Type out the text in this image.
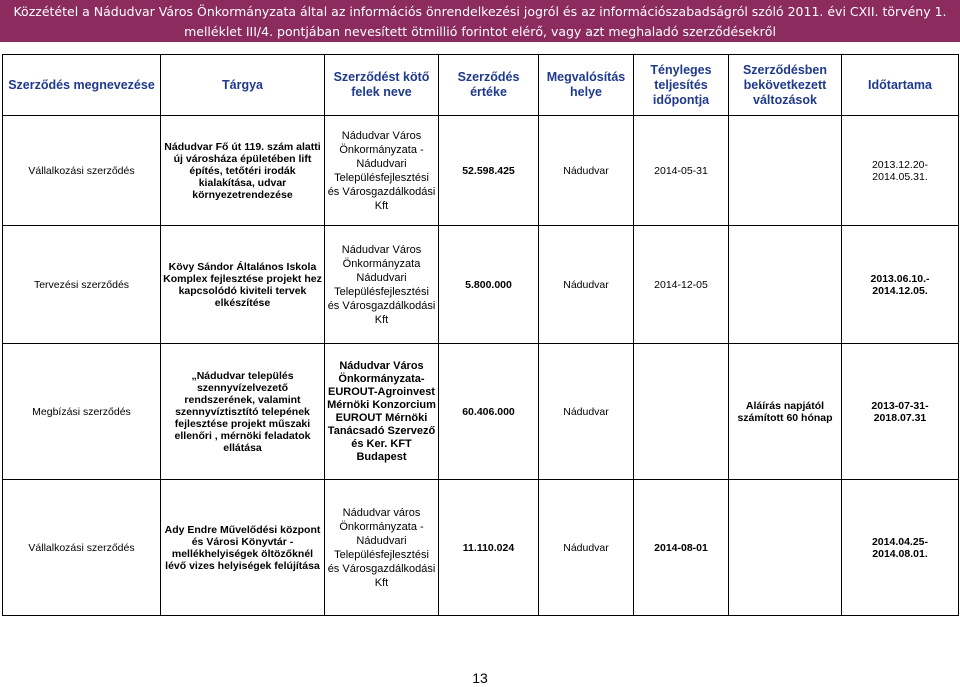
Közzététel a Nádudvar Város Önkormányzata által az információs önrendelkezési jogról és az információszabadságról szóló 2011. évi CXII. törvény 1.
melléklet III/4. pontjában nevesített ötmillió forintot elérő, vagy azt meghaladó szerződésekről
Szerződés megnevezése	Tárgya	Szerződést kötő felek neve	Szerződés értéke	Megvalósítás helye	Tényleges teljesítés időpontja	Szerződésben bekövetkezett változások	Időtartama
Vállalkozási szerződés	Nádudvar Fő út 119. szám alatti új városháza épületében lift építés, tetőtéri irodák kialakítása, udvar környezetrendezése	Nádudvar Város Önkormányzata - Nádudvari Településfejlesztési és Városgazdálkodási Kft	52.598.425	Nádudvar	2014-05-31		2013.12.20- 2014.05.31.
Tervezési szerződés	Kövy Sándor Általános Iskola Komplex fejlesztése projekt hez kapcsolódó kiviteli tervek elkészítése	Nádudvar Város Önkormányzata Nádudvari Településfejlesztési és Városgazdálkodási Kft	5.800.000	Nádudvar	2014-12-05		2013.06.10.- 2014.12.05.
Megbízási szerződés	„Nádudvar település szennyvízelvezető rendszerének, valamint szennyvíztisztító telepének fejlesztése projekt műszaki ellenőri , mérnöki feladatok ellátása	Nádudvar Város Önkormányzata- EUROUT-Agroinvest Mérnöki Konzorcium EUROUT Mérnöki Tanácsadó Szervező és Ker. KFT Budapest	60.406.000	Nádudvar		Aláírás napjától számított 60 hónap	2013-07-31- 2018.07.31
Vállalkozási szerződés	Ady Endre Művelődési központ és Városi Könyvtár - mellékhelyiségek öltözőknél lévő vizes helyiségek felújítása	Nádudvar város Önkormányzata - Nádudvari Településfejlesztési és Városgazdálkodási Kft	11.110.024	Nádudvar	2014-08-01		2014.04.25- 2014.08.01.
13
